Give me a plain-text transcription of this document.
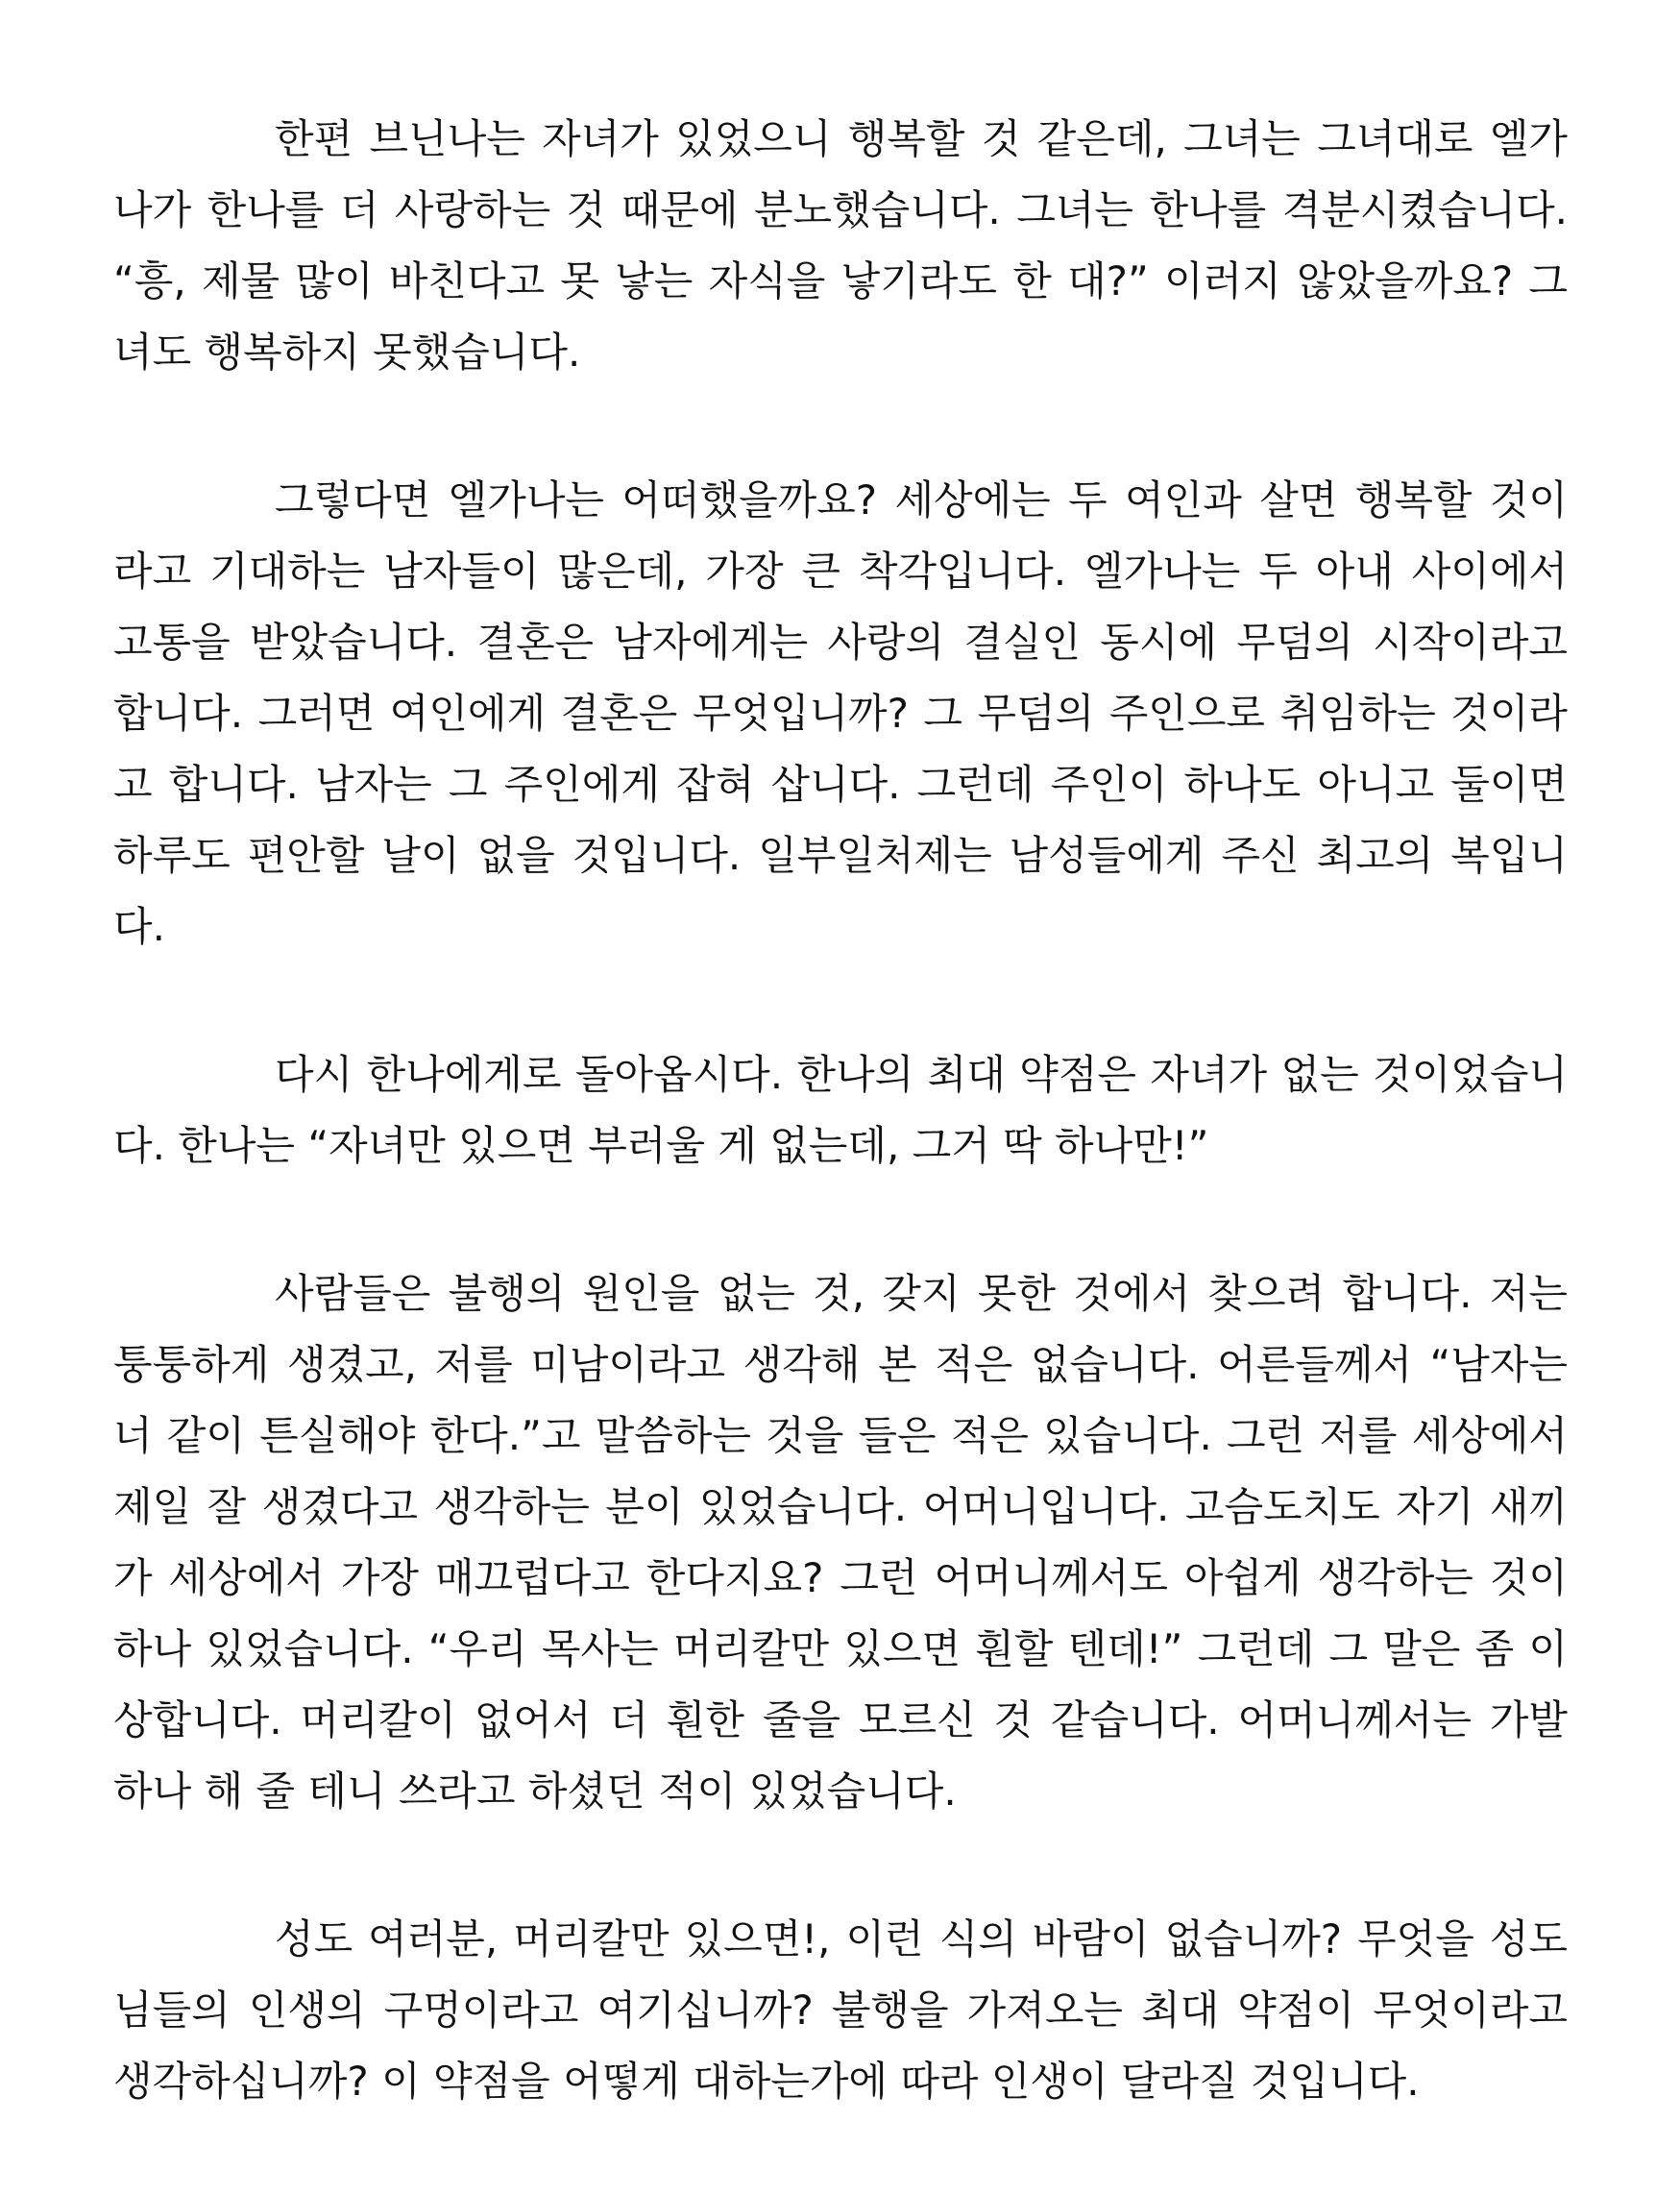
한편 브닌나는 자녀가 있었으니 행복할 것 같은데, 그녀는 그녀대로 엘가
나가 한나를 더 사랑하는 것 때문에 분노했습니다. 그녀는 한나를 격분시켰습니다.
“흥, 제물 많이 바친다고 못 낳는 자식을 낳기라도 한 대?” 이러지 않았을까요? 그
녀도 행복하지 못했습니다.
그렇다면 엘가나는 어떠했을까요? 세상에는 두 여인과 살면 행복할 것이
라고 기대하는 남자들이 많은데, 가장 큰 착각입니다. 엘가나는 두 아내 사이에서
고통을 받았습니다. 결혼은 남자에게는 사랑의 결실인 동시에 무덤의 시작이라고
합니다. 그러면 여인에게 결혼은 무엇입니까? 그 무덤의 주인으로 취임하는 것이라
고 합니다. 남자는 그 주인에게 잡혀 삽니다. 그런데 주인이 하나도 아니고 둘이면
하루도 편안할 날이 없을 것입니다. 일부일처제는 남성들에게 주신 최고의 복입니
다.
다시 한나에게로 돌아옵시다. 한나의 최대 약점은 자녀가 없는 것이었습니
다. 한나는 “자녀만 있으면 부러울 게 없는데, 그거 딱 하나만!”
사람들은 불행의 원인을 없는 것, 갖지 못한 것에서 찾으려 합니다. 저는
퉁퉁하게 생겼고, 저를 미남이라고 생각해 본 적은 없습니다. 어른들께서 “남자는
너 같이 튼실해야 한다.”고 말씀하는 것을 들은 적은 있습니다. 그런 저를 세상에서
제일 잘 생겼다고 생각하는 분이 있었습니다. 어머니입니다. 고슴도치도 자기 새끼
가 세상에서 가장 매끄럽다고 한다지요? 그런 어머니께서도 아쉽게 생각하는 것이
하나 있었습니다. “우리 목사는 머리칼만 있으면 훤할 텐데!” 그런데 그 말은 좀 이
상합니다. 머리칼이 없어서 더 훤한 줄을 모르신 것 같습니다. 어머니께서는 가발
하나 해 줄 테니 쓰라고 하셨던 적이 있었습니다.
성도 여러분, 머리칼만 있으면!, 이런 식의 바람이 없습니까? 무엇을 성도
님들의 인생의 구멍이라고 여기십니까? 불행을 가져오는 최대 약점이 무엇이라고
생각하십니까? 이 약점을 어떻게 대하는가에 따라 인생이 달라질 것입니다.
